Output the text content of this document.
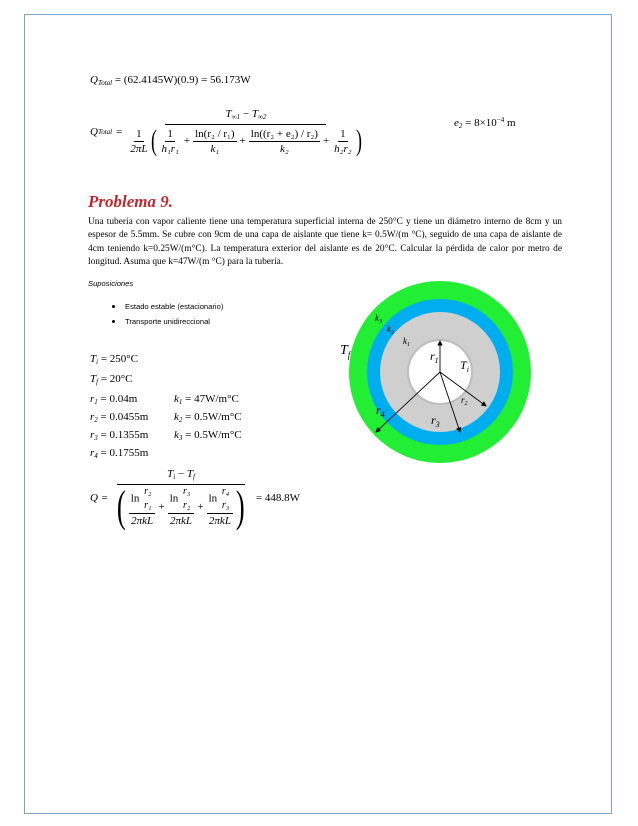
$Q_{Total} = (62.4145W)(0.9) = 56.173W$
Q Total =
$T_{\infty 1} - T_{\infty 2}$
$\frac{1}{2\pi L}$ ( $\frac{1}{\text{h₁r₁}} + \frac{\text{ln(r₂ / r₁)}}{\text{k₁}} + \frac{\text{ln((r₂ + e₂) / r₂)}}{\text{k₂}} + \frac{1}{\text{h₂r₂}}$ )
$e_2 = 8\times 10^{-4}$ m
Problema 9.
Una tubería con vapor caliente tiene una temperatura superficial interna de 250°C y tiene un diámetro interno de 8cm y un espesor de 5.5mm. Se cubre con 9cm de una capa de aislante que tiene k= 0.5W/(m °C), seguido de una capa de aislante de 4cm teniendo k=0.25W/(m°C). La temperatura exterior del aislante es de 20°C. Calcular la pérdida de calor por metro de longitud. Asuma que k=47W/(m °C) para la tubería.
Suposiciones
Estado estable (estacionario)
Transporte unidireccional
$T_i = 250^\circ C$
$T_f = 20^\circ C$
$r_1 = 0.04m$
$r_2 = 0.0455m$
$r_3 = 0.1355m$
$r_4 = 0.1755m$
$k_1 = 47W/m^\circ C$
$k_2 = 0.5W/m^\circ C$
$k_3 = 0.5W/m^\circ C$
Q =
$T_i - T_f$
( ln
r₂
r₁
2πkL + ln
r₃
r₂
2πkL + ln
r₄
r₃
2πkL ) = 448.8W
$T_f$
$k_3$
$k_2$
$k_1$
$r_1$ $T_i$
$r_2$
$r_3$
$r_4$
